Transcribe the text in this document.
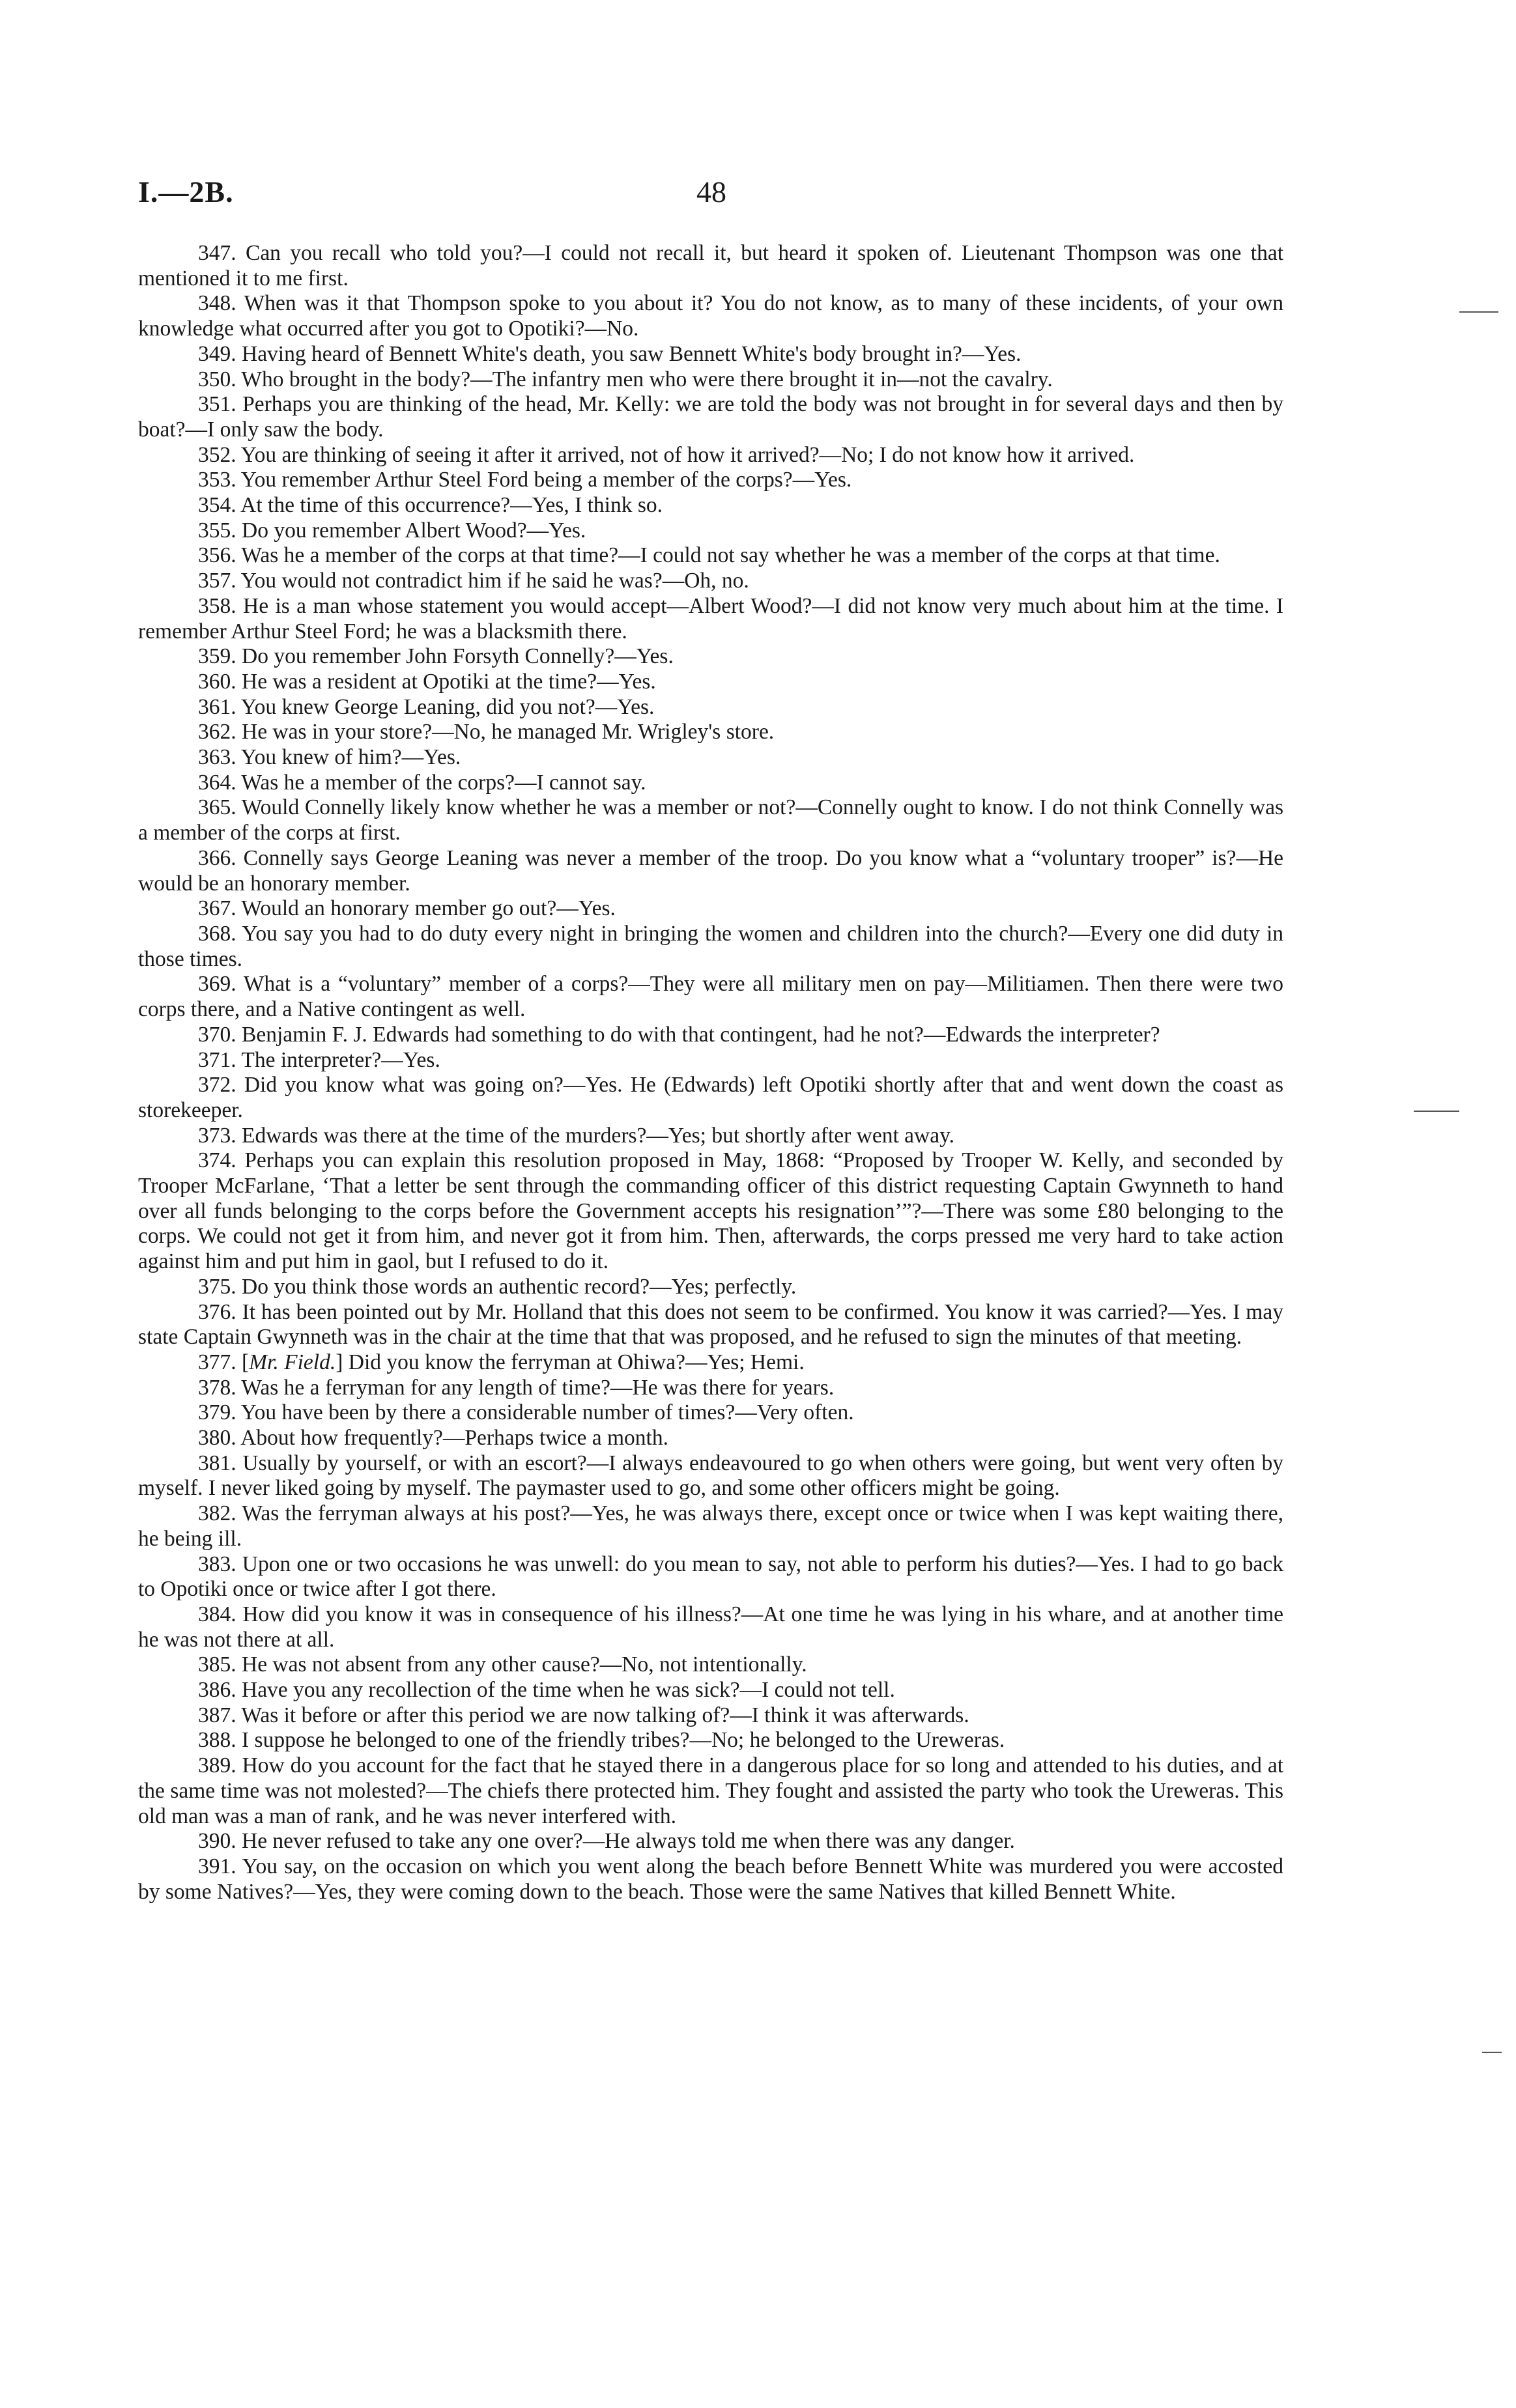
I.—2B.	48

347. Can you recall who told you?—I could not recall it, but heard it spoken of. Lieutenant Thompson was one that mentioned it to me first.

348. When was it that Thompson spoke to you about it? You do not know, as to many of these incidents, of your own knowledge what occurred after you got to Opotiki?—No.

349. Having heard of Bennett White's death, you saw Bennett White's body brought in?—Yes.

350. Who brought in the body?—The infantry men who were there brought it in—not the cavalry.

351. Perhaps you are thinking of the head, Mr. Kelly: we are told the body was not brought in for several days and then by boat?—I only saw the body.

352. You are thinking of seeing it after it arrived, not of how it arrived?—No; I do not know how it arrived.

353. You remember Arthur Steel Ford being a member of the corps?—Yes.

354. At the time of this occurrence?—Yes, I think so.

355. Do you remember Albert Wood?—Yes.

356. Was he a member of the corps at that time?—I could not say whether he was a member of the corps at that time.

357. You would not contradict him if he said he was?—Oh, no.

358. He is a man whose statement you would accept—Albert Wood?—I did not know very much about him at the time. I remember Arthur Steel Ford; he was a blacksmith there.

359. Do you remember John Forsyth Connelly?—Yes.

360. He was a resident at Opotiki at the time?—Yes.

361. You knew George Leaning, did you not?—Yes.

362. He was in your store?—No, he managed Mr. Wrigley's store.

363. You knew of him?—Yes.

364. Was he a member of the corps?—I cannot say.

365. Would Connelly likely know whether he was a member or not?—Connelly ought to know. I do not think Connelly was a member of the corps at first.

366. Connelly says George Leaning was never a member of the troop. Do you know what a “voluntary trooper” is?—He would be an honorary member.

367. Would an honorary member go out?—Yes.

368. You say you had to do duty every night in bringing the women and children into the church?—Every one did duty in those times.

369. What is a “voluntary” member of a corps?—They were all military men on pay—Militiamen. Then there were two corps there, and a Native contingent as well.

370. Benjamin F. J. Edwards had something to do with that contingent, had he not?—Edwards the interpreter?

371. The interpreter?—Yes.

372. Did you know what was going on?—Yes. He (Edwards) left Opotiki shortly after that and went down the coast as storekeeper.

373. Edwards was there at the time of the murders?—Yes; but shortly after went away.

374. Perhaps you can explain this resolution proposed in May, 1868: “Proposed by Trooper W. Kelly, and seconded by Trooper McFarlane, ‘That a letter be sent through the commanding officer of this district requesting Captain Gwynneth to hand over all funds belonging to the corps before the Government accepts his resignation’”?—There was some £80 belonging to the corps. We could not get it from him, and never got it from him. Then, afterwards, the corps pressed me very hard to take action against him and put him in gaol, but I refused to do it.

375. Do you think those words an authentic record?—Yes; perfectly.

376. It has been pointed out by Mr. Holland that this does not seem to be confirmed. You know it was carried?—Yes. I may state Captain Gwynneth was in the chair at the time that that was proposed, and he refused to sign the minutes of that meeting.

377. [Mr. Field.] Did you know the ferryman at Ohiwa?—Yes; Hemi.

378. Was he a ferryman for any length of time?—He was there for years.

379. You have been by there a considerable number of times?—Very often.

380. About how frequently?—Perhaps twice a month.

381. Usually by yourself, or with an escort?—I always endeavoured to go when others were going, but went very often by myself. I never liked going by myself. The paymaster used to go, and some other officers might be going.

382. Was the ferryman always at his post?—Yes, he was always there, except once or twice when I was kept waiting there, he being ill.

383. Upon one or two occasions he was unwell: do you mean to say, not able to perform his duties?—Yes. I had to go back to Opotiki once or twice after I got there.

384. How did you know it was in consequence of his illness?—At one time he was lying in his whare, and at another time he was not there at all.

385. He was not absent from any other cause?—No, not intentionally.

386. Have you any recollection of the time when he was sick?—I could not tell.

387. Was it before or after this period we are now talking of?—I think it was afterwards.

388. I suppose he belonged to one of the friendly tribes?—No; he belonged to the Ureweras.

389. How do you account for the fact that he stayed there in a dangerous place for so long and attended to his duties, and at the same time was not molested?—The chiefs there protected him. They fought and assisted the party who took the Ureweras. This old man was a man of rank, and he was never interfered with.

390. He never refused to take any one over?—He always told me when there was any danger.

391. You say, on the occasion on which you went along the beach before Bennett White was murdered you were accosted by some Natives?—Yes, they were coming down to the beach. Those were the same Natives that killed Bennett White.
